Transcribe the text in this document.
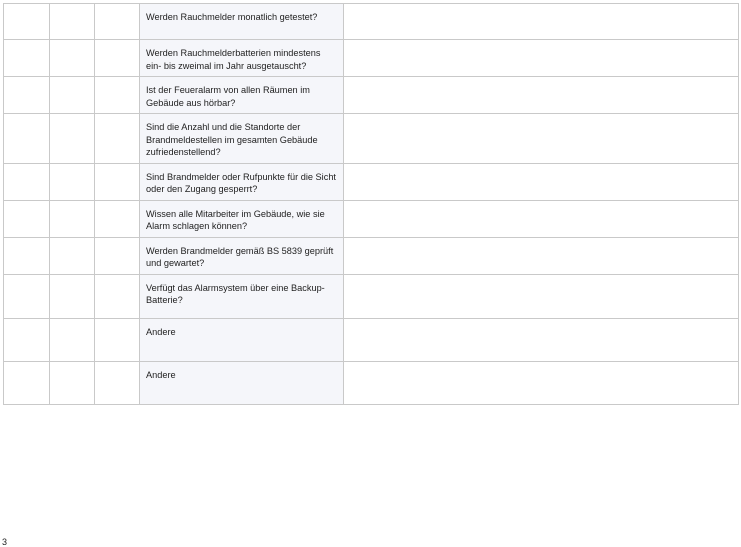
			Werden Rauchmelder monatlich getestet?	

			Werden Rauchmelderbatterien mindestens ein- bis zweimal im Jahr ausgetauscht?	

			Ist der Feueralarm von allen Räumen im Gebäude aus hörbar?	

			Sind die Anzahl und die Standorte der Brandmeldestellen im gesamten Gebäude zufriedenstellend?	

			Sind Brandmelder oder Rufpunkte für die Sicht oder den Zugang gesperrt?	

			Wissen alle Mitarbeiter im Gebäude, wie sie Alarm schlagen können?	

			Werden Brandmelder gemäß BS 5839 geprüft und gewartet?	

			Verfügt das Alarmsystem über eine Backup-Batterie?	

			Andere	

			Andere	

3
